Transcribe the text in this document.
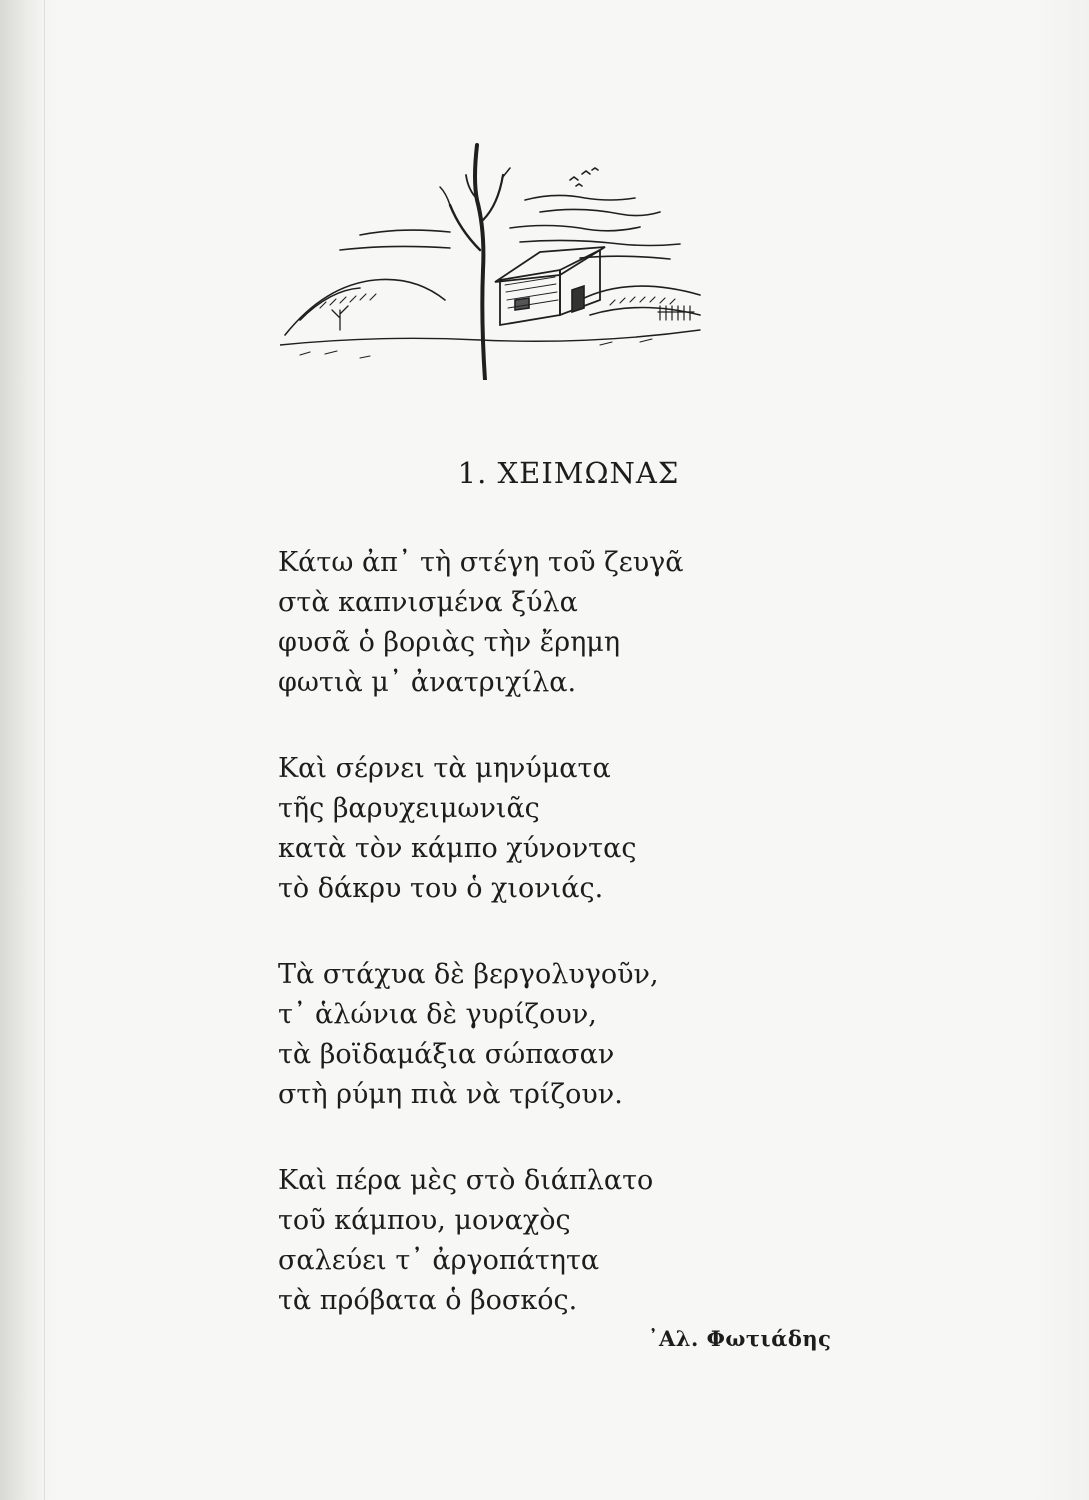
1. ΧΕΙΜΩΝΑΣ
Κάτω ἀπ᾽ τὴ στέγη τοῦ ζευγᾶ
στὰ καπνισμένα ξύλα
φυσᾶ ὁ βοριὰς τὴν ἔρημη
φωτιὰ μ᾽ ἀνατριχίλα.
Καὶ σέρνει τὰ μηνύματα
τῆς βαρυχειμωνιᾶς
κατὰ τὸν κάμπο χύνοντας
τὸ δάκρυ του ὁ χιονιάς.
Τὰ στάχυα δὲ βεργολυγοῦν,
τ᾽ ἁλώνια δὲ γυρίζουν,
τὰ βοϊδαμάξια σώπασαν
στὴ ρύμη πιὰ νὰ τρίζουν.
Καὶ πέρα μὲς στὸ διάπλατο
τοῦ κάμπου, μοναχὸς
σαλεύει τ᾽ ἀργοπάτητα
τὰ πρόβατα ὁ βοσκός.
᾽Αλ. Φωτιάδης
